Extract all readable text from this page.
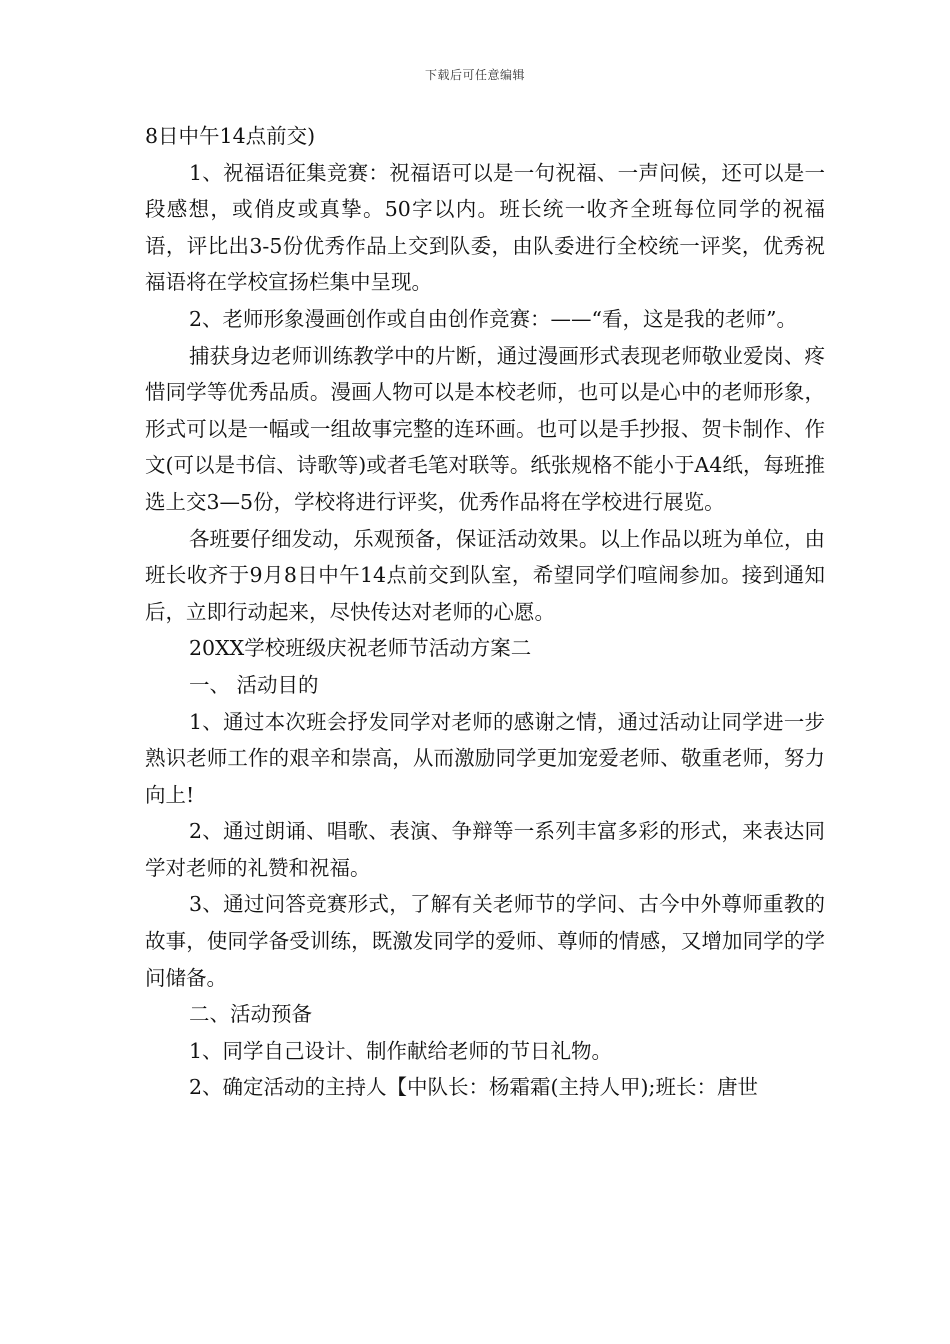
下载后可任意编辑

8日中午14点前交)

1、祝福语征集竞赛：祝福语可以是一句祝福、一声问候，还可以是一段感想，或俏皮或真挚。50字以内。班长统一收齐全班每位同学的祝福语，评比出3-5份优秀作品上交到队委，由队委进行全校统一评奖，优秀祝福语将在学校宣扬栏集中呈现。

2、老师形象漫画创作或自由创作竞赛：——“看，这是我的老师”。

捕获身边老师训练教学中的片断，通过漫画形式表现老师敬业爱岗、疼惜同学等优秀品质。漫画人物可以是本校老师，也可以是心中的老师形象，形式可以是一幅或一组故事完整的连环画。也可以是手抄报、贺卡制作、作文(可以是书信、诗歌等)或者毛笔对联等。纸张规格不能小于A4纸，每班推选上交3—5份，学校将进行评奖，优秀作品将在学校进行展览。

各班要仔细发动，乐观预备，保证活动效果。以上作品以班为单位，由班长收齐于9月8日中午14点前交到队室，希望同学们喧闹参加。接到通知后，立即行动起来，尽快传达对老师的心愿。

20XX学校班级庆祝老师节活动方案二

一、 活动目的

1、通过本次班会抒发同学对老师的感谢之情，通过活动让同学进一步熟识老师工作的艰辛和崇高，从而激励同学更加宠爱老师、敬重老师，努力向上!

2、通过朗诵、唱歌、表演、争辩等一系列丰富多彩的形式，来表达同学对老师的礼赞和祝福。

3、通过问答竞赛形式，了解有关老师节的学问、古今中外尊师重教的故事，使同学备受训练，既激发同学的爱师、尊师的情感，又增加同学的学问储备。

二、活动预备

1、同学自己设计、制作献给老师的节日礼物。

2、确定活动的主持人【中队长：杨霜霜(主持人甲);班长：唐世
